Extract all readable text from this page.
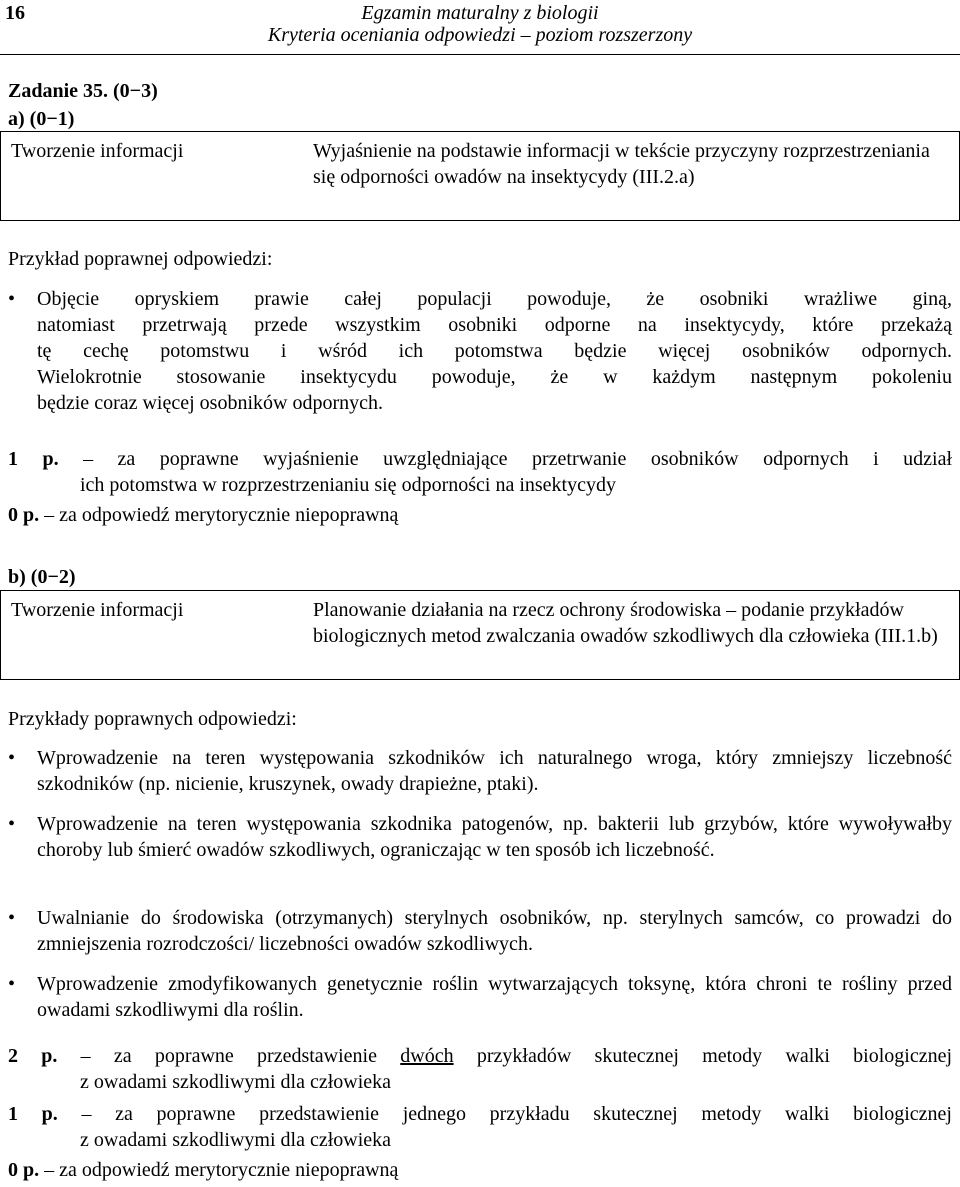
16	Egzamin maturalny z biologii
Kryteria oceniania odpowiedzi – poziom rozszerzony
Zadanie 35. (0−3)
a) (0−1)
Tworzenie informacji	Wyjaśnienie na podstawie informacji w tekście przyczyny rozprzestrzeniania się odporności owadów na insektycydy (III.2.a)
Przykład poprawnej odpowiedzi:
• Objęcie opryskiem prawie całej populacji powoduje, że osobniki wrażliwe giną,
natomiast przetrwają przede wszystkim osobniki odporne na insektycydy, które przekażą
tę cechę potomstwu i wśród ich potomstwa będzie więcej osobników odpornych.
Wielokrotnie stosowanie insektycydu powoduje, że w każdym następnym pokoleniu
będzie coraz więcej osobników odpornych.
1 p. – za poprawne wyjaśnienie uwzględniające przetrwanie osobników odpornych i udział
ich potomstwa w rozprzestrzenianiu się odporności na insektycydy
0 p. – za odpowiedź merytorycznie niepoprawną
b) (0−2)
Tworzenie informacji	Planowanie działania na rzecz ochrony środowiska – podanie przykładów biologicznych metod zwalczania owadów szkodliwych dla człowieka (III.1.b)
Przykłady poprawnych odpowiedzi:
• Wprowadzenie na teren występowania szkodników ich naturalnego wroga, który zmniejszy liczebność szkodników (np. nicienie, kruszynek, owady drapieżne, ptaki).
• Wprowadzenie na teren występowania szkodnika patogenów, np. bakterii lub grzybów, które wywoływałby choroby lub śmierć owadów szkodliwych, ograniczając w ten sposób ich liczebność.
• Uwalnianie do środowiska (otrzymanych) sterylnych osobników, np. sterylnych samców, co prowadzi do zmniejszenia rozrodczości/ liczebności owadów szkodliwych.
• Wprowadzenie zmodyfikowanych genetycznie roślin wytwarzających toksynę, która chroni te rośliny przed owadami szkodliwymi dla roślin.
2 p. – za poprawne przedstawienie dwóch przykładów skutecznej metody walki biologicznej
z owadami szkodliwymi dla człowieka
1 p. – za poprawne przedstawienie jednego przykładu skutecznej metody walki biologicznej
z owadami szkodliwymi dla człowieka
0 p. – za odpowiedź merytorycznie niepoprawną
